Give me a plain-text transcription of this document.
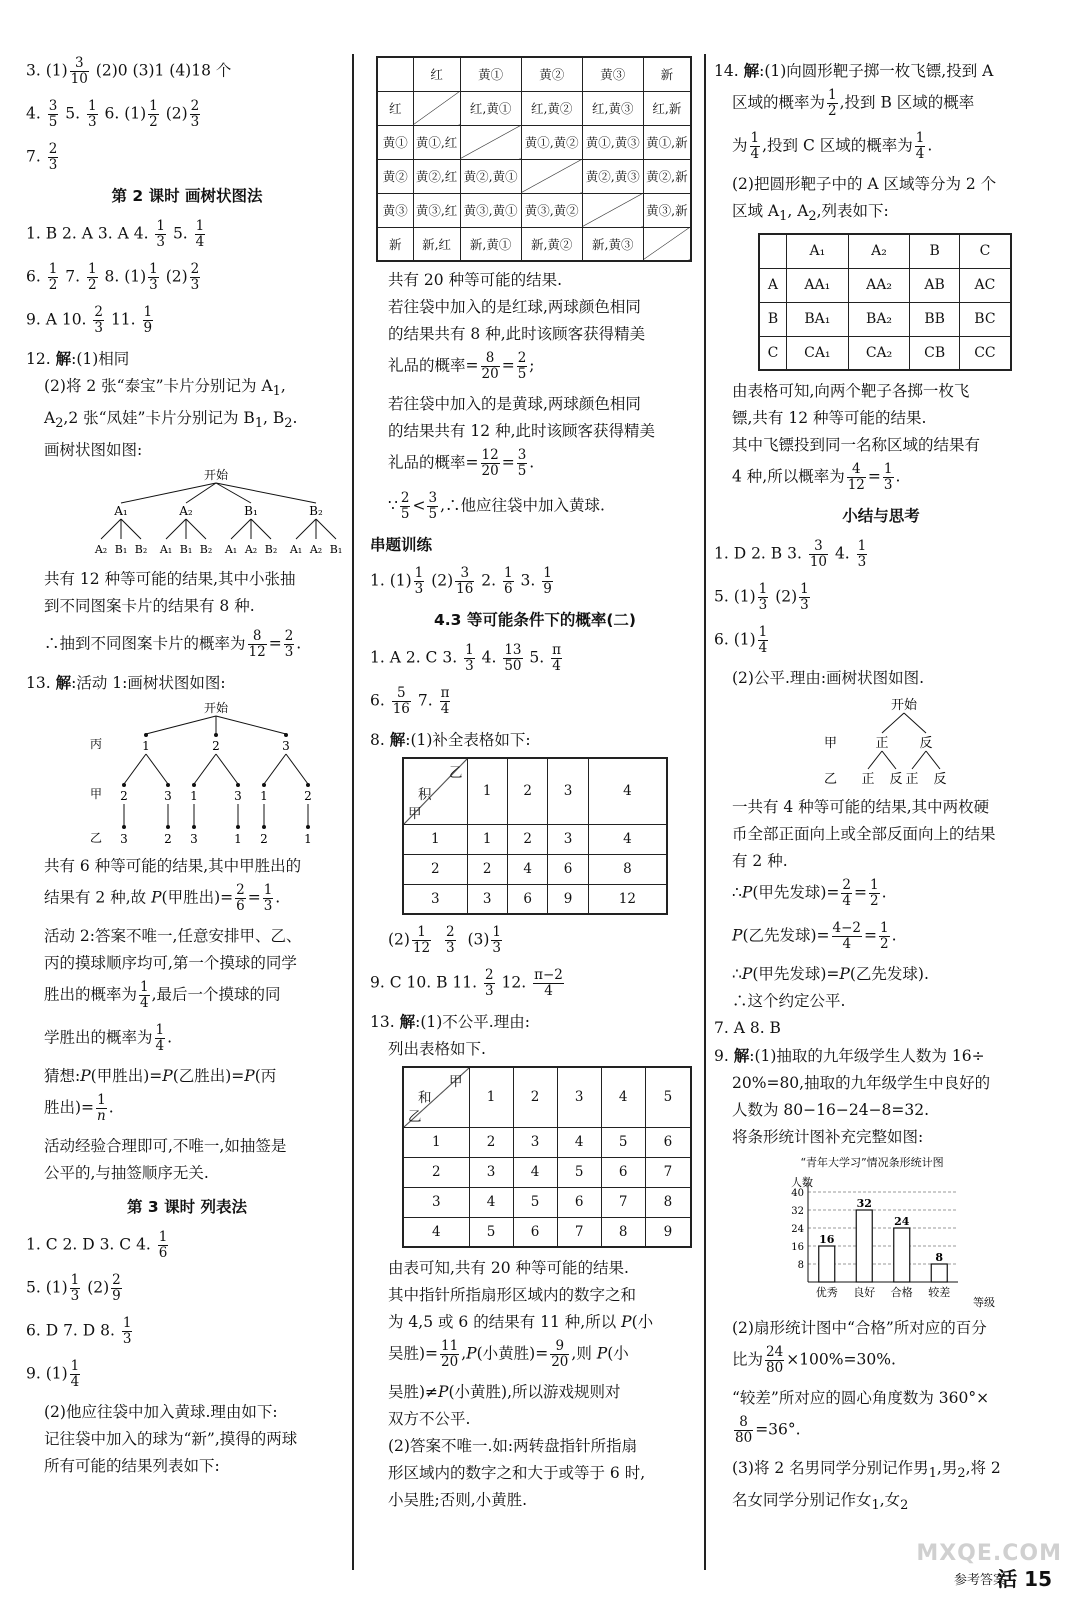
3. $(1) \frac{3}{10} (2)0$ (3)1 (4)18 个
4. $\frac{3}{5} 5$. $\frac{1}{3} 6$. $(1) \frac{1}{2} (2) \frac{2}{3}$
7. $\frac{2}{3}$
第 2 课时 画树状图法
1. B 2. A 3. A 4. $\frac{1}{3} 5$. $\frac{1}{4}$
6. $\frac{1}{2} 7$. $\frac{1}{2} 8$. $(1) \frac{1}{3} (2) \frac{2}{3}$
9. A 10. $\frac{2}{3} 11$. $\frac{1}{9}$
12. 解:(1)相同
(2)将 2 张“泰宝”卡片分别记为 $A_1$,
$A_2,2$ 张“凤娃”卡片分别记为 $B_1$, $B_2$.
画树状图如图:
开始
A₁	A₂	B₁	B₂
A₂ B₁ B₂ A₁ B₁ B₂ A₁ A₂ B₂ A₁ A₂ B₁
共有 12 种等可能的结果,其中小张抽
到不同图案卡片的结果有 8 种.
∴抽到不同图案卡片的概率为 $\frac{8}{12} = \frac{2}{3}$ .
13. 解:活动 1:画树状图如图:
开始
丙
甲
乙
1	2	3
2	3 1	3 1	2
3	2 3	1 2	1
共有 6 种等可能的结果,其中甲胜出的
结果有 2 种,故 P(甲胜出)= $\frac{2}{6} = \frac{1}{3}$ .
活动 2:答案不唯一,任意安排甲、乙、
丙的摸球顺序均可,第一个摸球的同学
胜出的概率为 $\frac{1}{4}$ ,最后一个摸球的同
学胜出的概率为 $\frac{1}{4}$ .
猜想:P(甲胜出)=P(乙胜出)=P(丙
胜出)= $\frac{1}{n}$ .
活动经验合理即可,不唯一,如抽签是
公平的,与抽签顺序无关.
第 3 课时 列表法
1. C 2. D 3. C 4. $\frac{1}{6}$
5. $(1) \frac{1}{3} (2) \frac{2}{9}$
6. D 7. D 8. $\frac{1}{3}$
9. $(1) \frac{1}{4}$
(2)他应往袋中加入黄球.理由如下:
记往袋中加入的球为“新”,摸得的两球
所有可能的结果列表如下:
	红	黄①	黄②	黄③	新
红		红,黄①	红,黄②	红,黄③	红,新
黄①	黄①,红		黄①,黄②	黄①,黄③	黄①,新
黄②	黄②,红	黄②,黄①		黄②,黄③	黄②,新
黄③	黄③,红	黄③,黄①	黄③,黄②		黄③,新
新	新,红	新,黄①	新,黄②	新,黄③	
共有 20 种等可能的结果.
若往袋中加入的是红球,两球颜色相同
的结果共有 8 种,此时该顾客获得精美
礼品的概率= $\frac{8}{20} = \frac{2}{5}$ ;
若往袋中加入的是黄球,两球颜色相同
的结果共有 12 种,此时该顾客获得精美
礼品的概率= $\frac{12}{20} = \frac{3}{5}$ .
∵ $\frac{2}{5} < \frac{3}{5}$ ,∴他应往袋中加入黄球.
串题训练
1. $(1) \frac{1}{3} (2) \frac{3}{16} 2$. $\frac{1}{6} 3$. $\frac{1}{9}$
4.3 等可能条件下的概率(二)
1. A 2. C 3. $\frac{1}{3} 4$. $\frac{13}{50} 5$. $\frac{\pi}{4}$
6. $\frac{5}{16} 7$. $\frac{\pi}{4}$
8. 解:(1)补全表格如下:
乙
积
甲	1	2	3	4
1	1	2	3	4
2	2	4	6	8
3	3	6	9	12
$(2) \frac{1}{12}$
$\frac{2}{3} (3) \frac{1}{3}$
9. C 10. B 11. $\frac{2}{3} 12$. $\frac{\pi-2}{4}$
13. 解:(1)不公平.理由:
列出表格如下.
甲
和
乙	1	2	3	4	5
1	2	3	4	5	6
2	3	4	5	6	7
3	4	5	6	7	8
4	5	6	7	8	9
由表可知,共有 20 种等可能的结果.
其中指针所指扇形区域内的数字之和
为 4,5 或 6 的结果有 11 种,所以 P(小
吴胜)= $\frac{11}{20} ,P$(小黄胜)= $\frac{9}{20}$ ,则 P(小
吴胜)≠P(小黄胜),所以游戏规则对
双方不公平.
(2)答案不唯一.如:两转盘指针所指扇
形区域内的数字之和大于或等于 6 时,
小吴胜;否则,小黄胜.
14. 解:(1)向圆形靶子掷一枚飞镖,投到 A
区域的概率为 $\frac{1}{2}$ ,投到 B 区域的概率
为 $\frac{1}{4}$ ,投到 C 区域的概率为 $\frac{1}{4}$ .
(2)把圆形靶子中的 A 区域等分为 2 个
区域 $A_1$, $A_2$,列表如下:
	A₁	A₂	B	C
A	AA₁	AA₂	AB	AC
B	BA₁	BA₂	BB	BC
C	CA₁	CA₂	CB	CC
由表格可知,向两个靶子各掷一枚飞
镖,共有 12 种等可能的结果.
其中飞镖投到同一名称区域的结果有
4 种,所以概率为 $\frac{4}{12} = \frac{1}{3}$ .
小结与思考
1. D 2. B 3. $\frac{3}{10} 4$. $\frac{1}{3}$
5. $(1) \frac{1}{3} (2) \frac{1}{3}$
6. $(1) \frac{1}{4}$
(2)公平.理由:画树状图如图.
开始
甲
乙
正 反
正 反 正 反
一共有 4 种等可能的结果,其中两枚硬
币全部正面向上或全部反面向上的结果
有 2 种.
∴P(甲先发球)= $\frac{2}{4} = \frac{1}{2}$ .
P(乙先发球)= $\frac{4-2}{4} = \frac{1}{2}$ .
∴P(甲先发球)=P(乙先发球).
∴这个约定公平.
7. A 8. B
9. 解:(1)抽取的九年级学生人数为 16÷
20%=80,抽取的九年级学生中良好的
人数为 80−16−24−8=32.
将条形统计图补充完整如图:
“青年大学习”情况条形统计图
人数
等级
8
16
24
32
40
16
优秀
32
良好
24
合格
8
较差
(2)扇形统计图中“合格”所对应的百分
比为 $\frac{24}{80} \times 100\%=30\%$.
“较差”所对应的圆心角度数为 360°×
$\frac{8}{80} =36^\circ$.
(3)将 2 名男同学分别记作男$_1$,男$_2$,将 2
名女同学分别记作女$_1$,女$_2$
参考答案
活 15
MXQE.COM
